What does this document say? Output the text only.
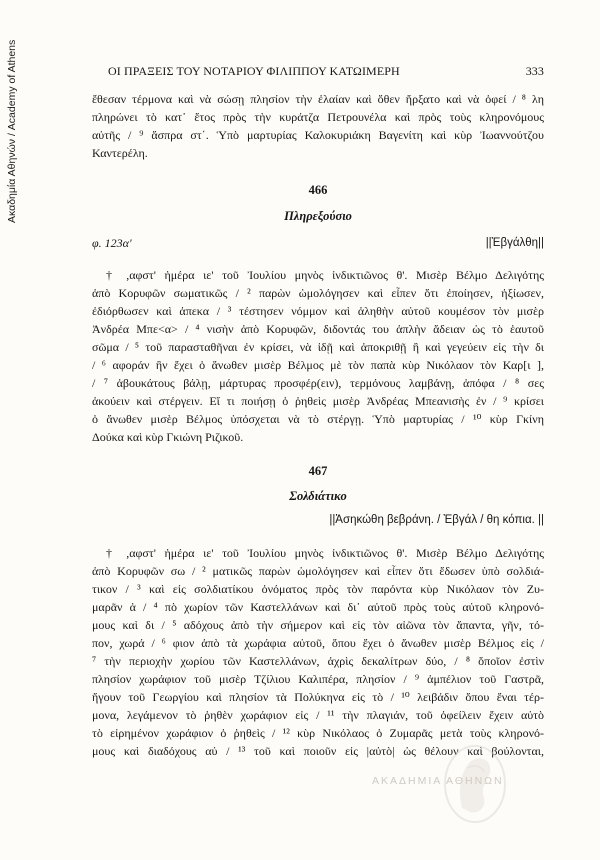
Ακαδημία Αθηνών / Academy of Athens	ΟΙ ΠΡΑΞΕΙΣ ΤΟΥ ΝΟΤΑΡΙΟΥ ΦΙΛΙΠΠΟΥ ΚΑΤΩΙΜΕΡΗ	333
ἔθεσαν τέρμονα καὶ νὰ σώσῃ πλησίον τὴν ἐλαίαν καὶ ὅθεν ἤρξατο καὶ νὰ ὀφεί / ⁸ λη
πληρώνει τὸ κατ᾿ ἔτος πρὸς τὴν κυράτζα Πετρουνέλα καὶ πρὸς τοὺς κληρονόμους
αὐτῆς / ⁹ ἄσπρα στ΄. Ὑπὸ μαρτυρίας Καλοκυριάκη Βαγενίτη καὶ κὺρ Ἰωαννούτζου
Καντερέλη.
466
Πληρεξούσιο
φ. 123α'	||Ἐβγάλθη||
† ,αφστ' ἡμέρα ιε' τοῦ Ἰουλίου μηνὸς ἰνδικτιῶνος θ'. Μισὲρ Βέλμο Δελιγότης
ἀπὸ Κορυφῶν σωματικῶς / ² παρὼν ὡμολόγησεν καὶ εἶπεν ὅτι ἐποίησεν, ἠξίωσεν,
ἐδιόρθωσεν καὶ ἀπεκα / ³ τέστησεν νόμμον καὶ ἀληθὴν αὐτοῦ κουμέσον τὸν μισὲρ
Ἀνδρέα Μπε<α> / ⁴ νισὴν ἀπὸ Κορυφῶν, διδοντάς του ἀπλὴν ἄδειαν ὡς τὸ ἑαυτοῦ
σῶμα / ⁵ τοῦ παρασταθῆναι ἐν κρίσει, νὰ ἰδῇ καὶ ἀποκριθῇ ἢ καὶ γεγεύειν εἰς τὴν δι
/ ⁶ αφοράν ἣν ἔχει ὁ ἄνωθεν μισὲρ Βέλμος μὲ τὸν παπὰ κὺρ Νικόλαον τὸν Καρ[ι ],
/ ⁷ ἀβουκάτους βάλῃ, μάρτυρας προσφέρ(ειν), τερμόνους λαμβάνῃ, ἀπόφα / ⁸ σες
ἀκούειν καὶ στέργειν. Εἴ τι ποιήσῃ ὁ ῥηθεὶς μισὲρ Ἀνδρέας Μπεανισὴς ἐν / ⁹ κρίσει
ὁ ἄνωθεν μισὲρ Βέλμος ὑπόσχεται νὰ τὸ στέργῃ. Ὑπὸ μαρτυρίας / ¹⁰ κὺρ Γκίνη
Δούκα καὶ κὺρ Γκιώνη Ριζικοῦ.
467
Σολδιάτικο
||Ἀσηκώθη βεβράνη. / Ἐβγάλ / θη κόπια. ||
† ,αφστ' ἡμέρα ιε' τοῦ Ἰουλίου μηνὸς ἰνδικτιῶνος θ'. Μισὲρ Βέλμο Δελιγότης
ἀπὸ Κορυφῶν σω / ² ματικῶς παρὼν ὡμολόγησεν καὶ εἶπεν ὅτι ἔδωσεν ὑπὸ σολδιά-
τικον / ³ καὶ εἰς σολδιατίκου ὀνόματος πρὸς τὸν παρόντα κὺρ Νικόλαον τὸν Ζυ-
μαρᾶν ἁ / ⁴ πὸ χωρίον τῶν Καστελλάνων καὶ δι᾿ αὐτοῦ πρὸς τοὺς αὐτοῦ κληρονό-
μους καὶ δι / ⁵ αδόχους ἀπὸ τὴν σήμερον καὶ εἰς τὸν αἰῶνα τὸν ἅπαντα, γῆν, τό-
πον, χωρά / ⁶ φιον ἀπὸ τὰ χωράφια αὐτοῦ, ὅπου ἔχει ὁ ἄνωθεν μισὲρ Βέλμος εἰς /
⁷ τὴν περιοχὴν χωρίου τῶν Καστελλάνων, ἀχρὶς δεκαλίτρων δύο, / ⁸ ὅποῖον ἐστὶν
πλησίον χωράφιον τοῦ μισὲρ Τζίλιου Καλιπέρα, πλησίον / ⁹ ἀμπέλιον τοῦ Γαστρᾶ,
ἤγουν τοῦ Γεωργίου καὶ πλησίον τὰ Πολύκηνα εἰς τὸ / ¹⁰ λειβάδιν ὅπου ἔναι τέρ-
μονα, λεγάμενον τὸ ῥηθὲν χωράφιον εἰς / ¹¹ τὴν πλαγιάν, τοῦ ὀφείλειν ἔχειν αὐτὸ
τὸ εἰρημένον χωράφιον ὁ ῥηθεὶς / ¹² κὺρ Νικόλαος ὁ Ζυμαρᾶς μετὰ τοὺς κληρονό-
μους καὶ διαδόχους αὐ / ¹³ τοῦ καὶ ποιοῦν εἰς |αὐτὸ| ὡς θέλουν καὶ βούλονται,
ΑΚΑΔΗΜΙΑ ΑΘΗΝΩΝ
